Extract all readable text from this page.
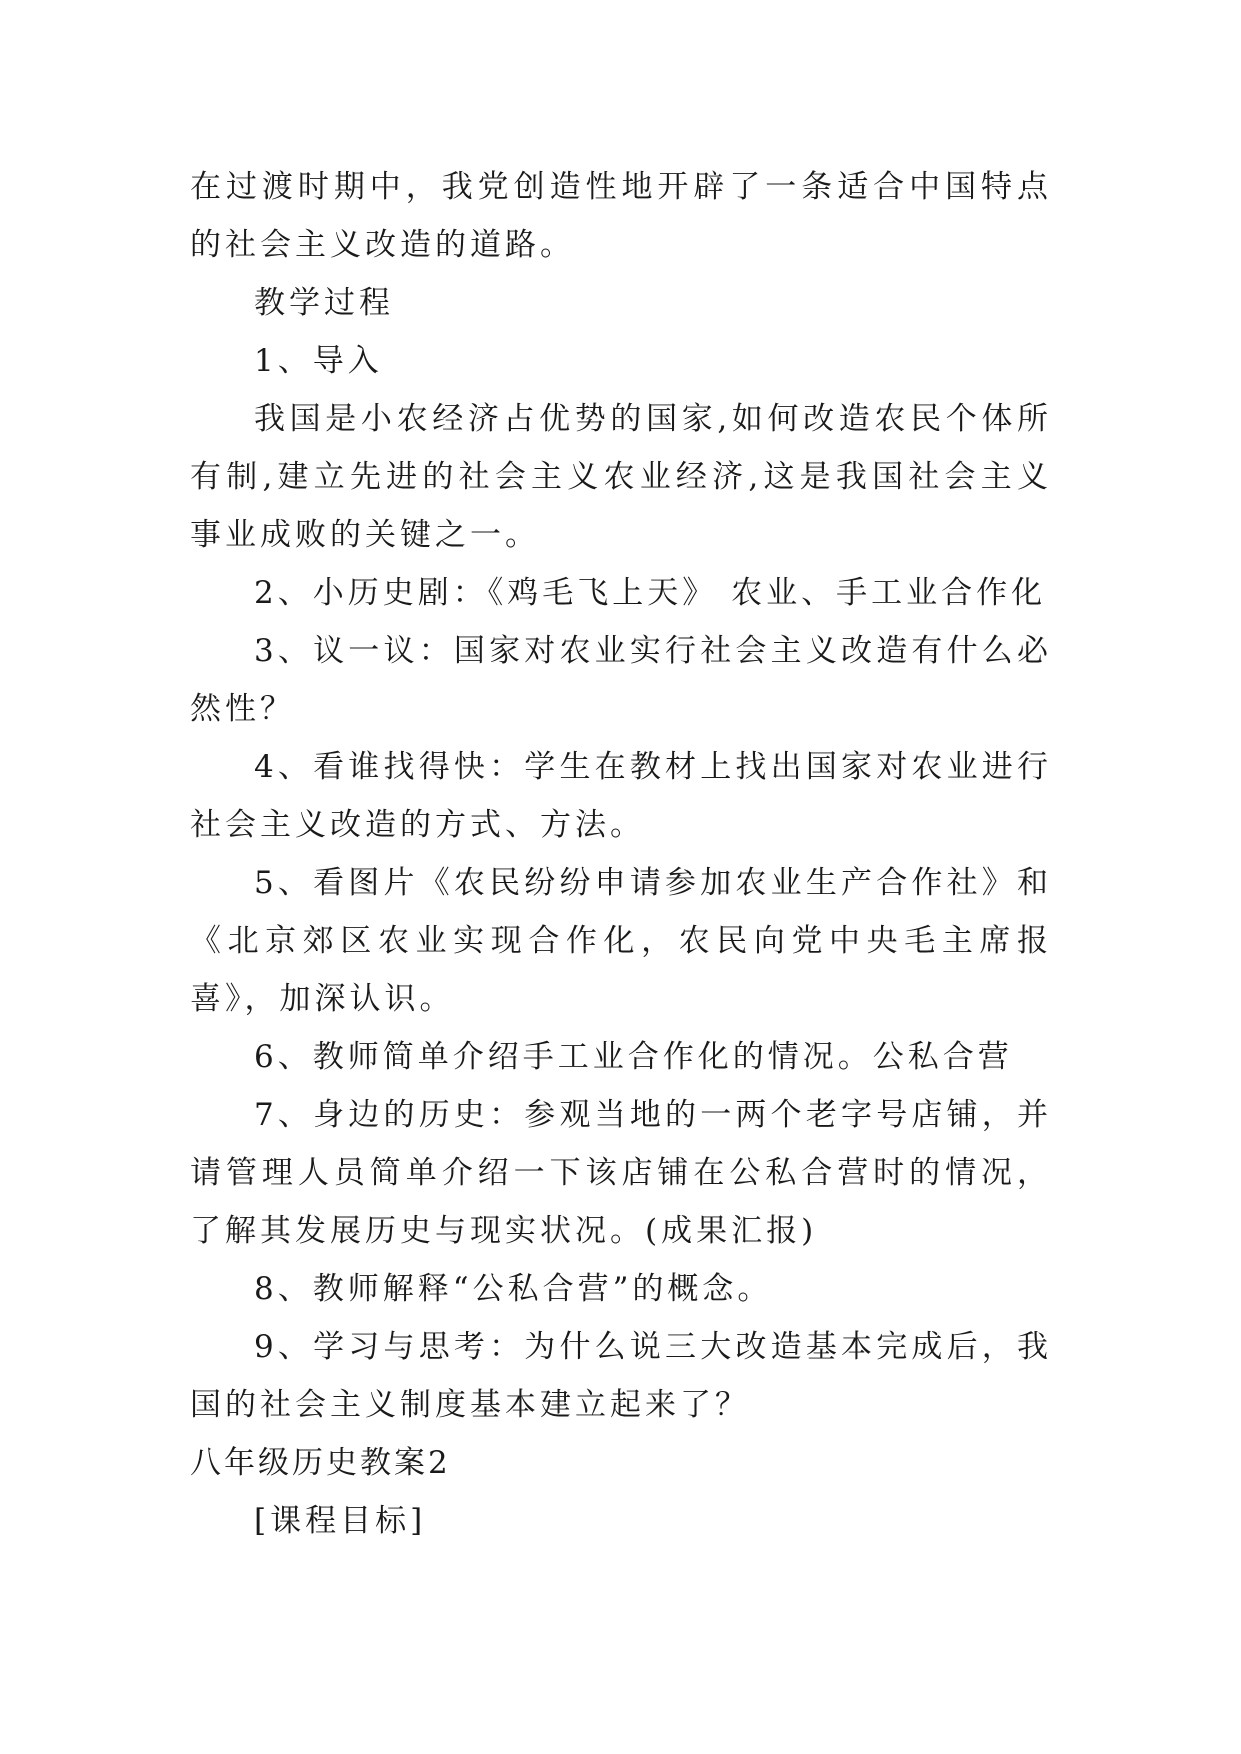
在过渡时期中，我党创造性地开辟了一条适合中国特点的社会主义改造的道路。

教学过程

1、导入

我国是小农经济占优势的国家,如何改造农民个体所有制,建立先进的社会主义农业经济,这是我国社会主义事业成败的关键之一。

2、小历史剧：《鸡毛飞上天》 农业、手工业合作化

3、议一议：国家对农业实行社会主义改造有什么必然性？

4、看谁找得快：学生在教材上找出国家对农业进行社会主义改造的方式、方法。

5、看图片《农民纷纷申请参加农业生产合作社》和《北京郊区农业实现合作化，农民向党中央毛主席报喜》，加深认识。

6、教师简单介绍手工业合作化的情况。公私合营

7、身边的历史：参观当地的一两个老字号店铺，并请管理人员简单介绍一下该店铺在公私合营时的情况，了解其发展历史与现实状况。(成果汇报)

8、教师解释“公私合营”的概念。

9、学习与思考：为什么说三大改造基本完成后，我国的社会主义制度基本建立起来了？

八年级历史教案2

[课程目标]
